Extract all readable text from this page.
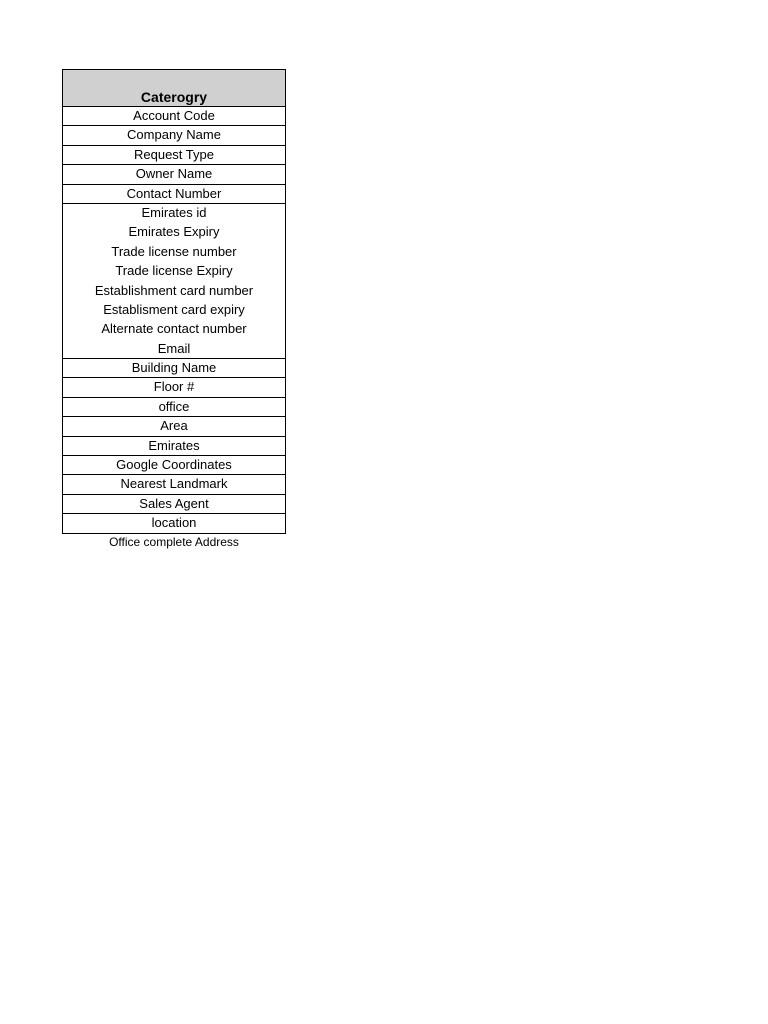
Caterogry
Account Code
Company Name
Request Type
Owner Name
Contact Number
Emirates id
Emirates Expiry
Trade license number
Trade license Expiry
Establishment card number
Establisment card expiry
Alternate contact number
Email
Building Name
Floor #
office
Area
Emirates
Google Coordinates
Nearest Landmark
Sales Agent
location
Office complete Address
